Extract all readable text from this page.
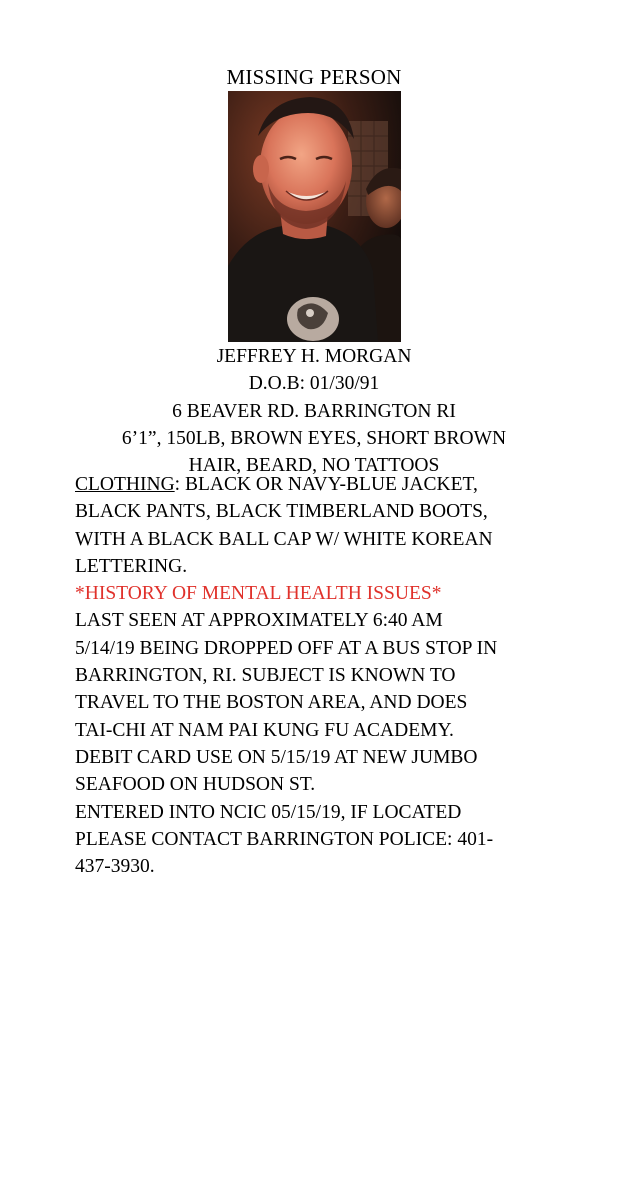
MISSING PERSON
JEFFREY H. MORGAN
D.O.B: 01/30/91
6 BEAVER RD. BARRINGTON RI
6’1”, 150LB, BROWN EYES, SHORT BROWN
HAIR, BEARD, NO TATTOOS
CLOTHING: BLACK OR NAVY-BLUE JACKET,
BLACK PANTS, BLACK TIMBERLAND BOOTS,
WITH A BLACK BALL CAP W/ WHITE KOREAN
LETTERING.
*HISTORY OF MENTAL HEALTH ISSUES*
LAST SEEN AT APPROXIMATELY 6:40 AM
5/14/19 BEING DROPPED OFF AT A BUS STOP IN
BARRINGTON, RI. SUBJECT IS KNOWN TO
TRAVEL TO THE BOSTON AREA, AND DOES
TAI-CHI AT NAM PAI KUNG FU ACADEMY.
DEBIT CARD USE ON 5/15/19 AT NEW JUMBO
SEAFOOD ON HUDSON ST.
ENTERED INTO NCIC 05/15/19, IF LOCATED
PLEASE CONTACT BARRINGTON POLICE: 401-
437-3930.
